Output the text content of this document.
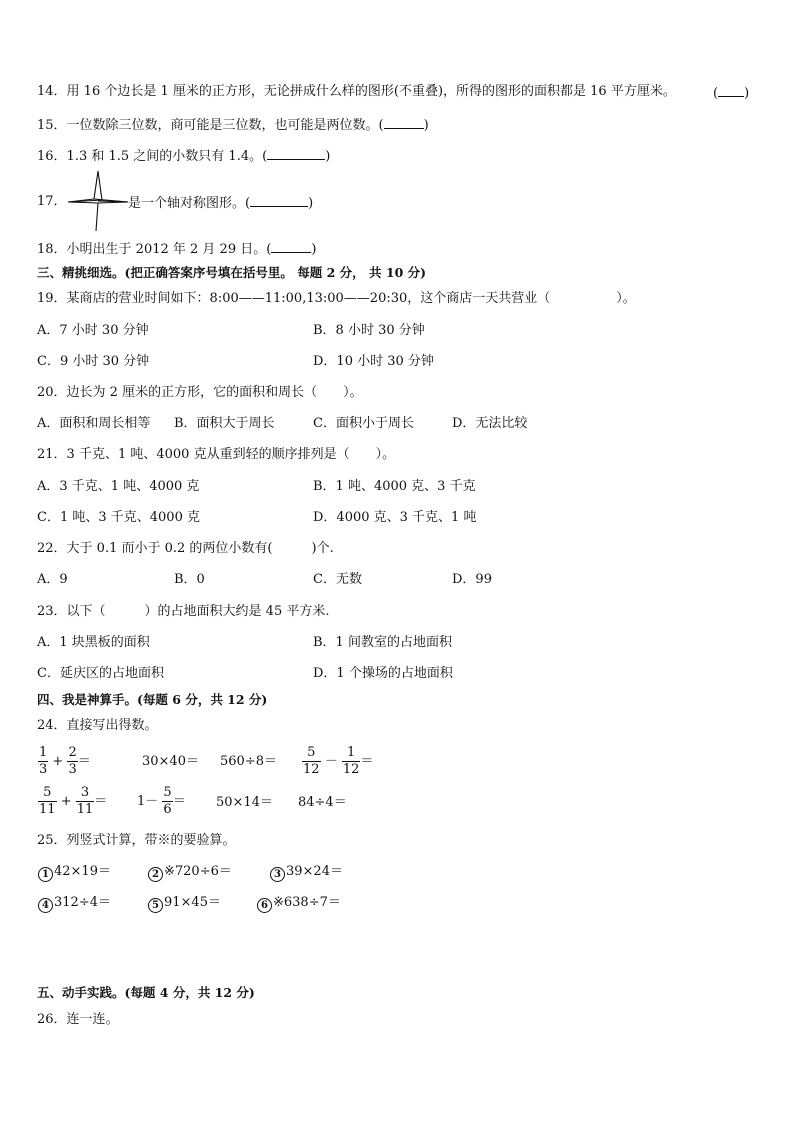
14．用 16 个边长是 1 厘米的正方形，无论拼成什么样的图形(不重叠)，所得的图形的面积都是 16 平方厘米。	( )
15．一位数除三位数，商可能是三位数，也可能是两位数。(	)
16．1.3 和 1.5 之间的小数只有 1.4。(	)
17．	是一个轴对称图形。(	)
18．小明出生于 2012 年 2 月 29 日。(	)
三、精挑细选。(把正确答案序号填在括号里。 每题 2 分， 共 10 分)
19．某商店的营业时间如下：8:00——11:00,13:00——20:30，这个商店一天共营业（	）。
A．7 小时 30 分钟	B．8 小时 30 分钟
C．9 小时 30 分钟	D．10 小时 30 分钟
20．边长为 2 厘米的正方形，它的面积和周长（　　）。
A．面积和周长相等 B．面积大于周长	C．面积小于周长	D．无法比较
21．3 千克、1 吨、4000 克从重到轻的顺序排列是（　　）。
A．3 千克、1 吨、4000 克	B．1 吨、4000 克、3 千克
C．1 吨、3 千克、4000 克	D．4000 克、3 千克、1 吨
22．大于 0.1 而小于 0.2 的两位小数有(　　　)个.
A．9	B．0	C．无数	D．99
23．以下（　　　）的占地面积大约是 45 平方米.
A．1 块黑板的面积	B．1 间教室的占地面积
C．延庆区的占地面积	D．1 个操场的占地面积
四、我是神算手。(每题 6 分，共 12 分)
24．直接写出得数。
$\frac{1}{3} + \frac{2}{3}$ ＝	$30\times 40= 560\div 8= \frac{5}{12} - \frac{1}{12}$ ＝
$\frac{5}{11} + \frac{3}{11} = 1- \frac{5}{6} = 50\times 14= 84\div 4=$
25．列竖式计算，带※的要验算。
1 42×19＝	2 ※720÷6＝	3 39×24＝
4 312÷4＝	5 91×45＝	6 ※638÷7＝
五、动手实践。(每题 4 分，共 12 分)
26．连一连。
